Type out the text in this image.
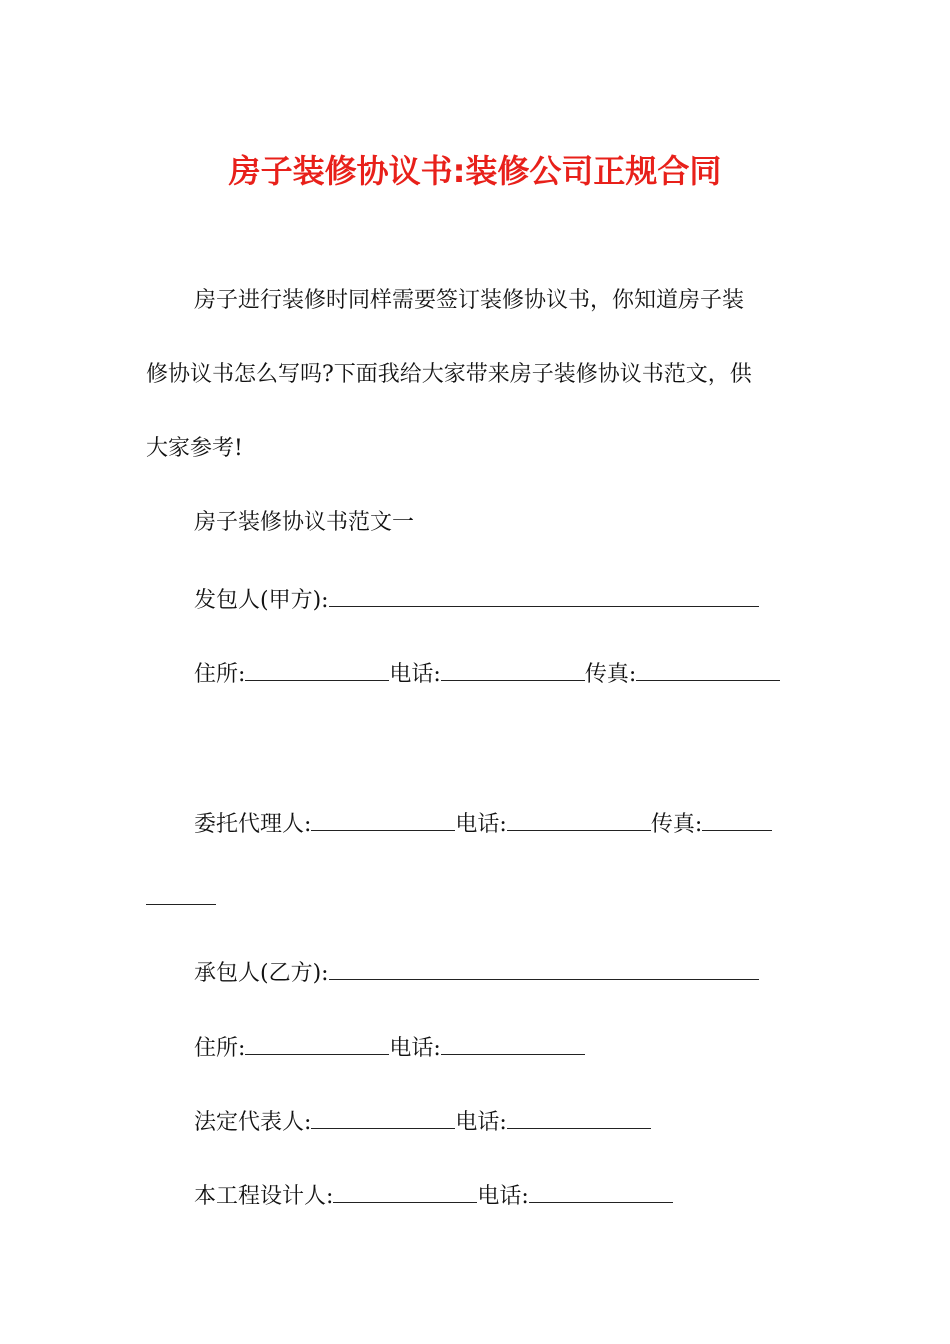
房子装修协议书:装修公司正规合同
房子进行装修时同样需要签订装修协议书，你知道房子装
修协议书怎么写吗?下面我给大家带来房子装修协议书范文，供
大家参考!
房子装修协议书范文一
发包人(甲方):
住所:	电话:	传真:
委托代理人:	电话:	传真:
承包人(乙方):
住所:	电话:
法定代表人:	电话:
本工程设计人:	电话:
